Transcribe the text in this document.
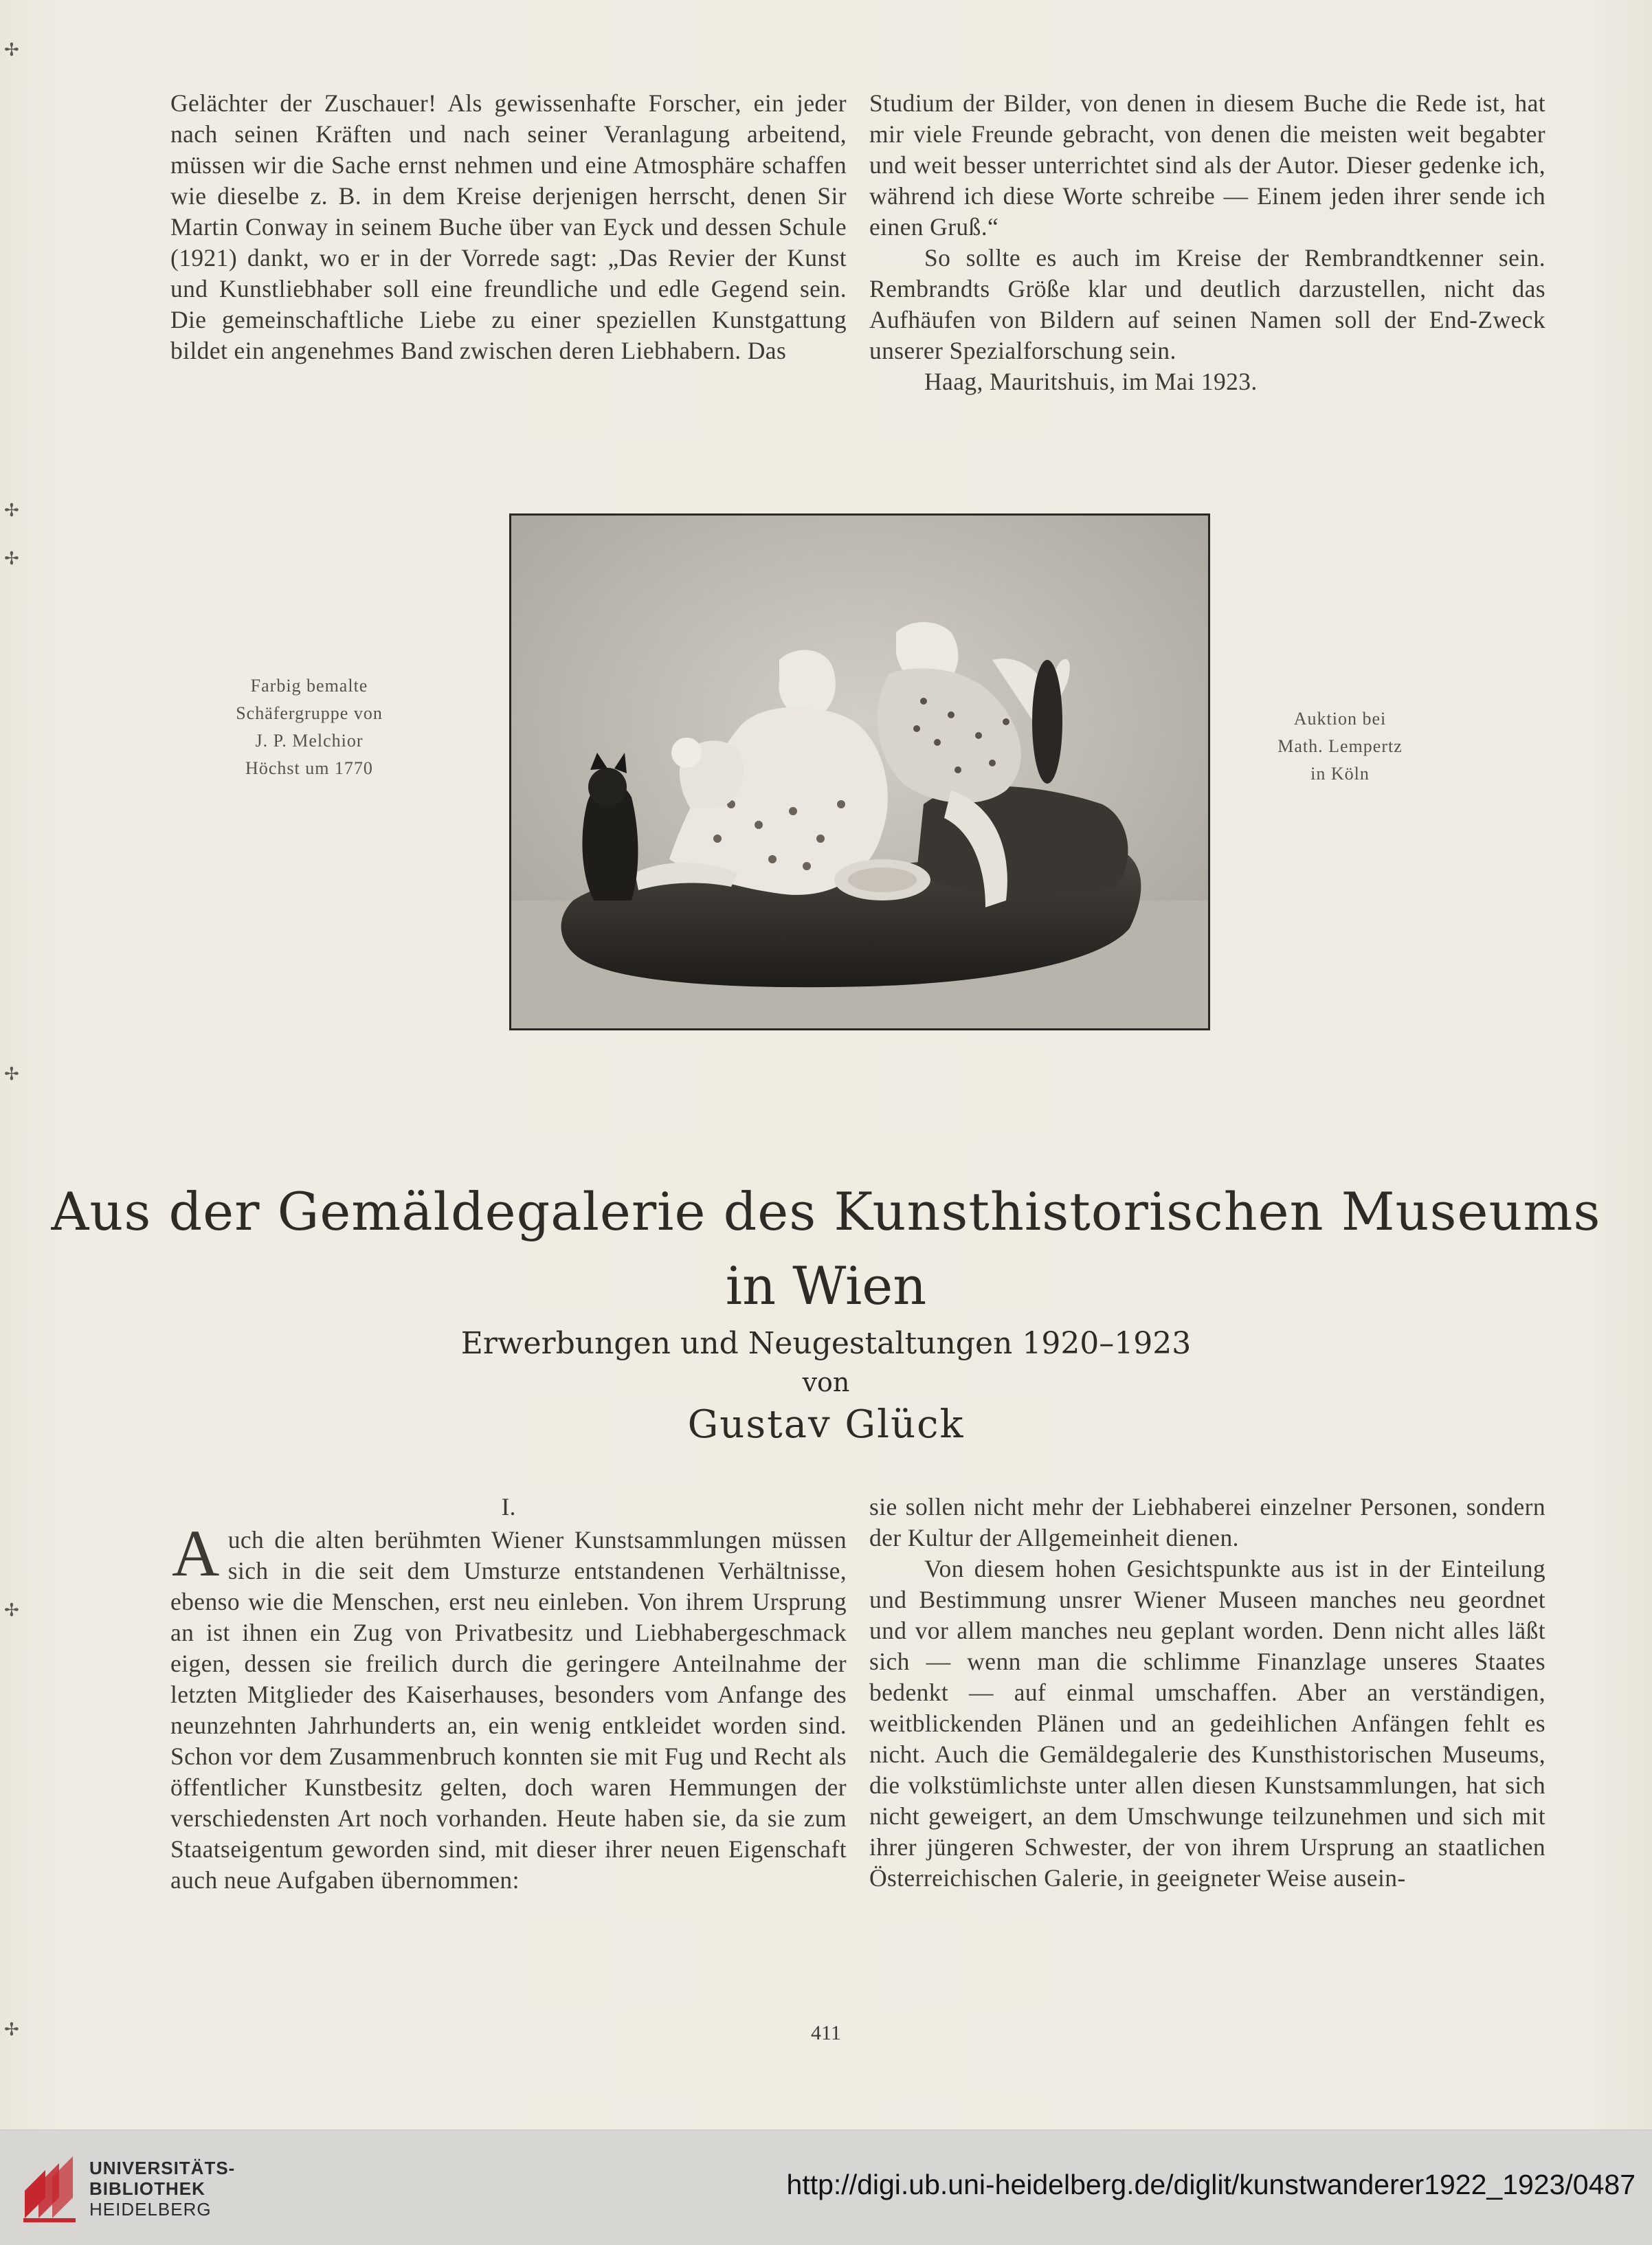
✢
✢
✢
✢
✢
✢

Gelächter der Zuschauer! Als gewissenhafte Forscher, ein jeder nach seinen Kräften und nach seiner Veranlagung arbeitend, müssen wir die Sache ernst nehmen und eine Atmosphäre schaffen wie dieselbe z. B. in dem Kreise derjenigen herrscht, denen Sir Martin Conway in seinem Buche über van Eyck und dessen Schule (1921) dankt, wo er in der Vorrede sagt: „Das Revier der Kunst und Kunstliebhaber soll eine freundliche und edle Gegend sein. Die gemeinschaftliche Liebe zu einer speziellen Kunstgattung bildet ein angenehmes Band zwischen deren Liebhabern. Das

Studium der Bilder, von denen in diesem Buche die Rede ist, hat mir viele Freunde gebracht, von denen die meisten weit begabter und weit besser unterrichtet sind als der Autor. Dieser gedenke ich, während ich diese Worte schreibe — Einem jeden ihrer sende ich einen Gruß.“

So sollte es auch im Kreise der Rembrandtkenner sein. Rembrandts Größe klar und deutlich darzustellen, nicht das Aufhäufen von Bildern auf seinen Namen soll der End-Zweck unserer Spezialforschung sein.

Haag, Mauritshuis, im Mai 1923.

Farbig bemalte
Schäfergruppe von
J. P. Melchior
Höchst um 1770
Auktion bei
Math. Lempertz
in Köln
Aus der Gemäldegalerie des Kunsthistorischen Museums
in Wien
Erwerbungen und Neugestaltungen 1920–1923
von
Gustav Glück
I.

A uch die alten berühmten Wiener Kunstsammlungen müssen sich in die seit dem Umsturze entstandenen Verhältnisse, ebenso wie die Menschen, erst neu einleben. Von ihrem Ursprung an ist ihnen ein Zug von Privatbesitz und Liebhabergeschmack eigen, dessen sie freilich durch die geringere Anteilnahme der letzten Mitglieder des Kaiserhauses, besonders vom Anfange des neunzehnten Jahrhunderts an, ein wenig entkleidet worden sind. Schon vor dem Zusammenbruch konnten sie mit Fug und Recht als öffentlicher Kunstbesitz gelten, doch waren Hemmungen der verschiedensten Art noch vorhanden. Heute haben sie, da sie zum Staatseigentum geworden sind, mit dieser ihrer neuen Eigenschaft auch neue Aufgaben übernommen:

sie sollen nicht mehr der Liebhaberei einzelner Personen, sondern der Kultur der Allgemeinheit dienen.

Von diesem hohen Gesichtspunkte aus ist in der Einteilung und Bestimmung unsrer Wiener Museen manches neu geordnet und vor allem manches neu geplant worden. Denn nicht alles läßt sich — wenn man die schlimme Finanzlage unseres Staates bedenkt — auf einmal umschaffen. Aber an verständigen, weitblickenden Plänen und an gedeihlichen Anfängen fehlt es nicht. Auch die Gemäldegalerie des Kunsthistorischen Museums, die volkstümlichste unter allen diesen Kunstsammlungen, hat sich nicht geweigert, an dem Umschwunge teilzunehmen und sich mit ihrer jüngeren Schwester, der von ihrem Ursprung an staatlichen Österreichischen Galerie, in geeigneter Weise ausein-

411
UNIVERSITÄTS-
BIBLIOTHEK
HEIDELBERG
http://digi.ub.uni-heidelberg.de/diglit/kunstwanderer1922_1923/0487
